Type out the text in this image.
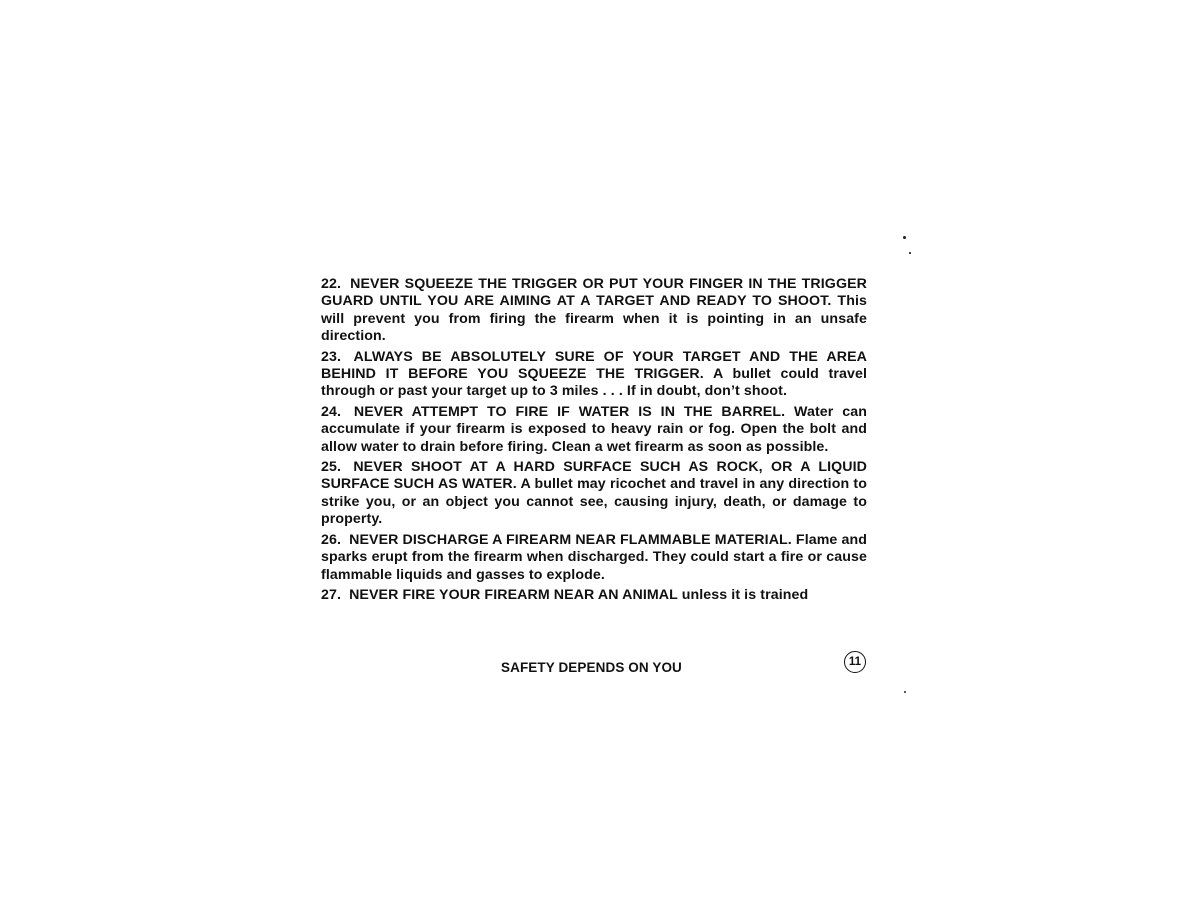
22. NEVER SQUEEZE THE TRIGGER OR PUT YOUR FINGER IN THE TRIGGER GUARD UNTIL YOU ARE AIMING AT A TARGET AND READY TO SHOOT. This will prevent you from firing the firearm when it is pointing in an unsafe direction.

23. ALWAYS BE ABSOLUTELY SURE OF YOUR TARGET AND THE AREA BEHIND IT BEFORE YOU SQUEEZE THE TRIGGER. A bullet could travel through or past your target up to 3 miles . . . If in doubt, don’t shoot.

24. NEVER ATTEMPT TO FIRE IF WATER IS IN THE BARREL. Water can accumulate if your firearm is exposed to heavy rain or fog. Open the bolt and allow water to drain before firing. Clean a wet firearm as soon as possible.

25. NEVER SHOOT AT A HARD SURFACE SUCH AS ROCK, OR A LIQUID SURFACE SUCH AS WATER. A bullet may ricochet and travel in any direction to strike you, or an object you cannot see, causing injury, death, or damage to property.

26. NEVER DISCHARGE A FIREARM NEAR FLAMMABLE MATERIAL. Flame and sparks erupt from the firearm when discharged. They could start a fire or cause flammable liquids and gasses to explode.

27. NEVER FIRE YOUR FIREARM NEAR AN ANIMAL unless it is trained

SAFETY DEPENDS ON YOU	11
